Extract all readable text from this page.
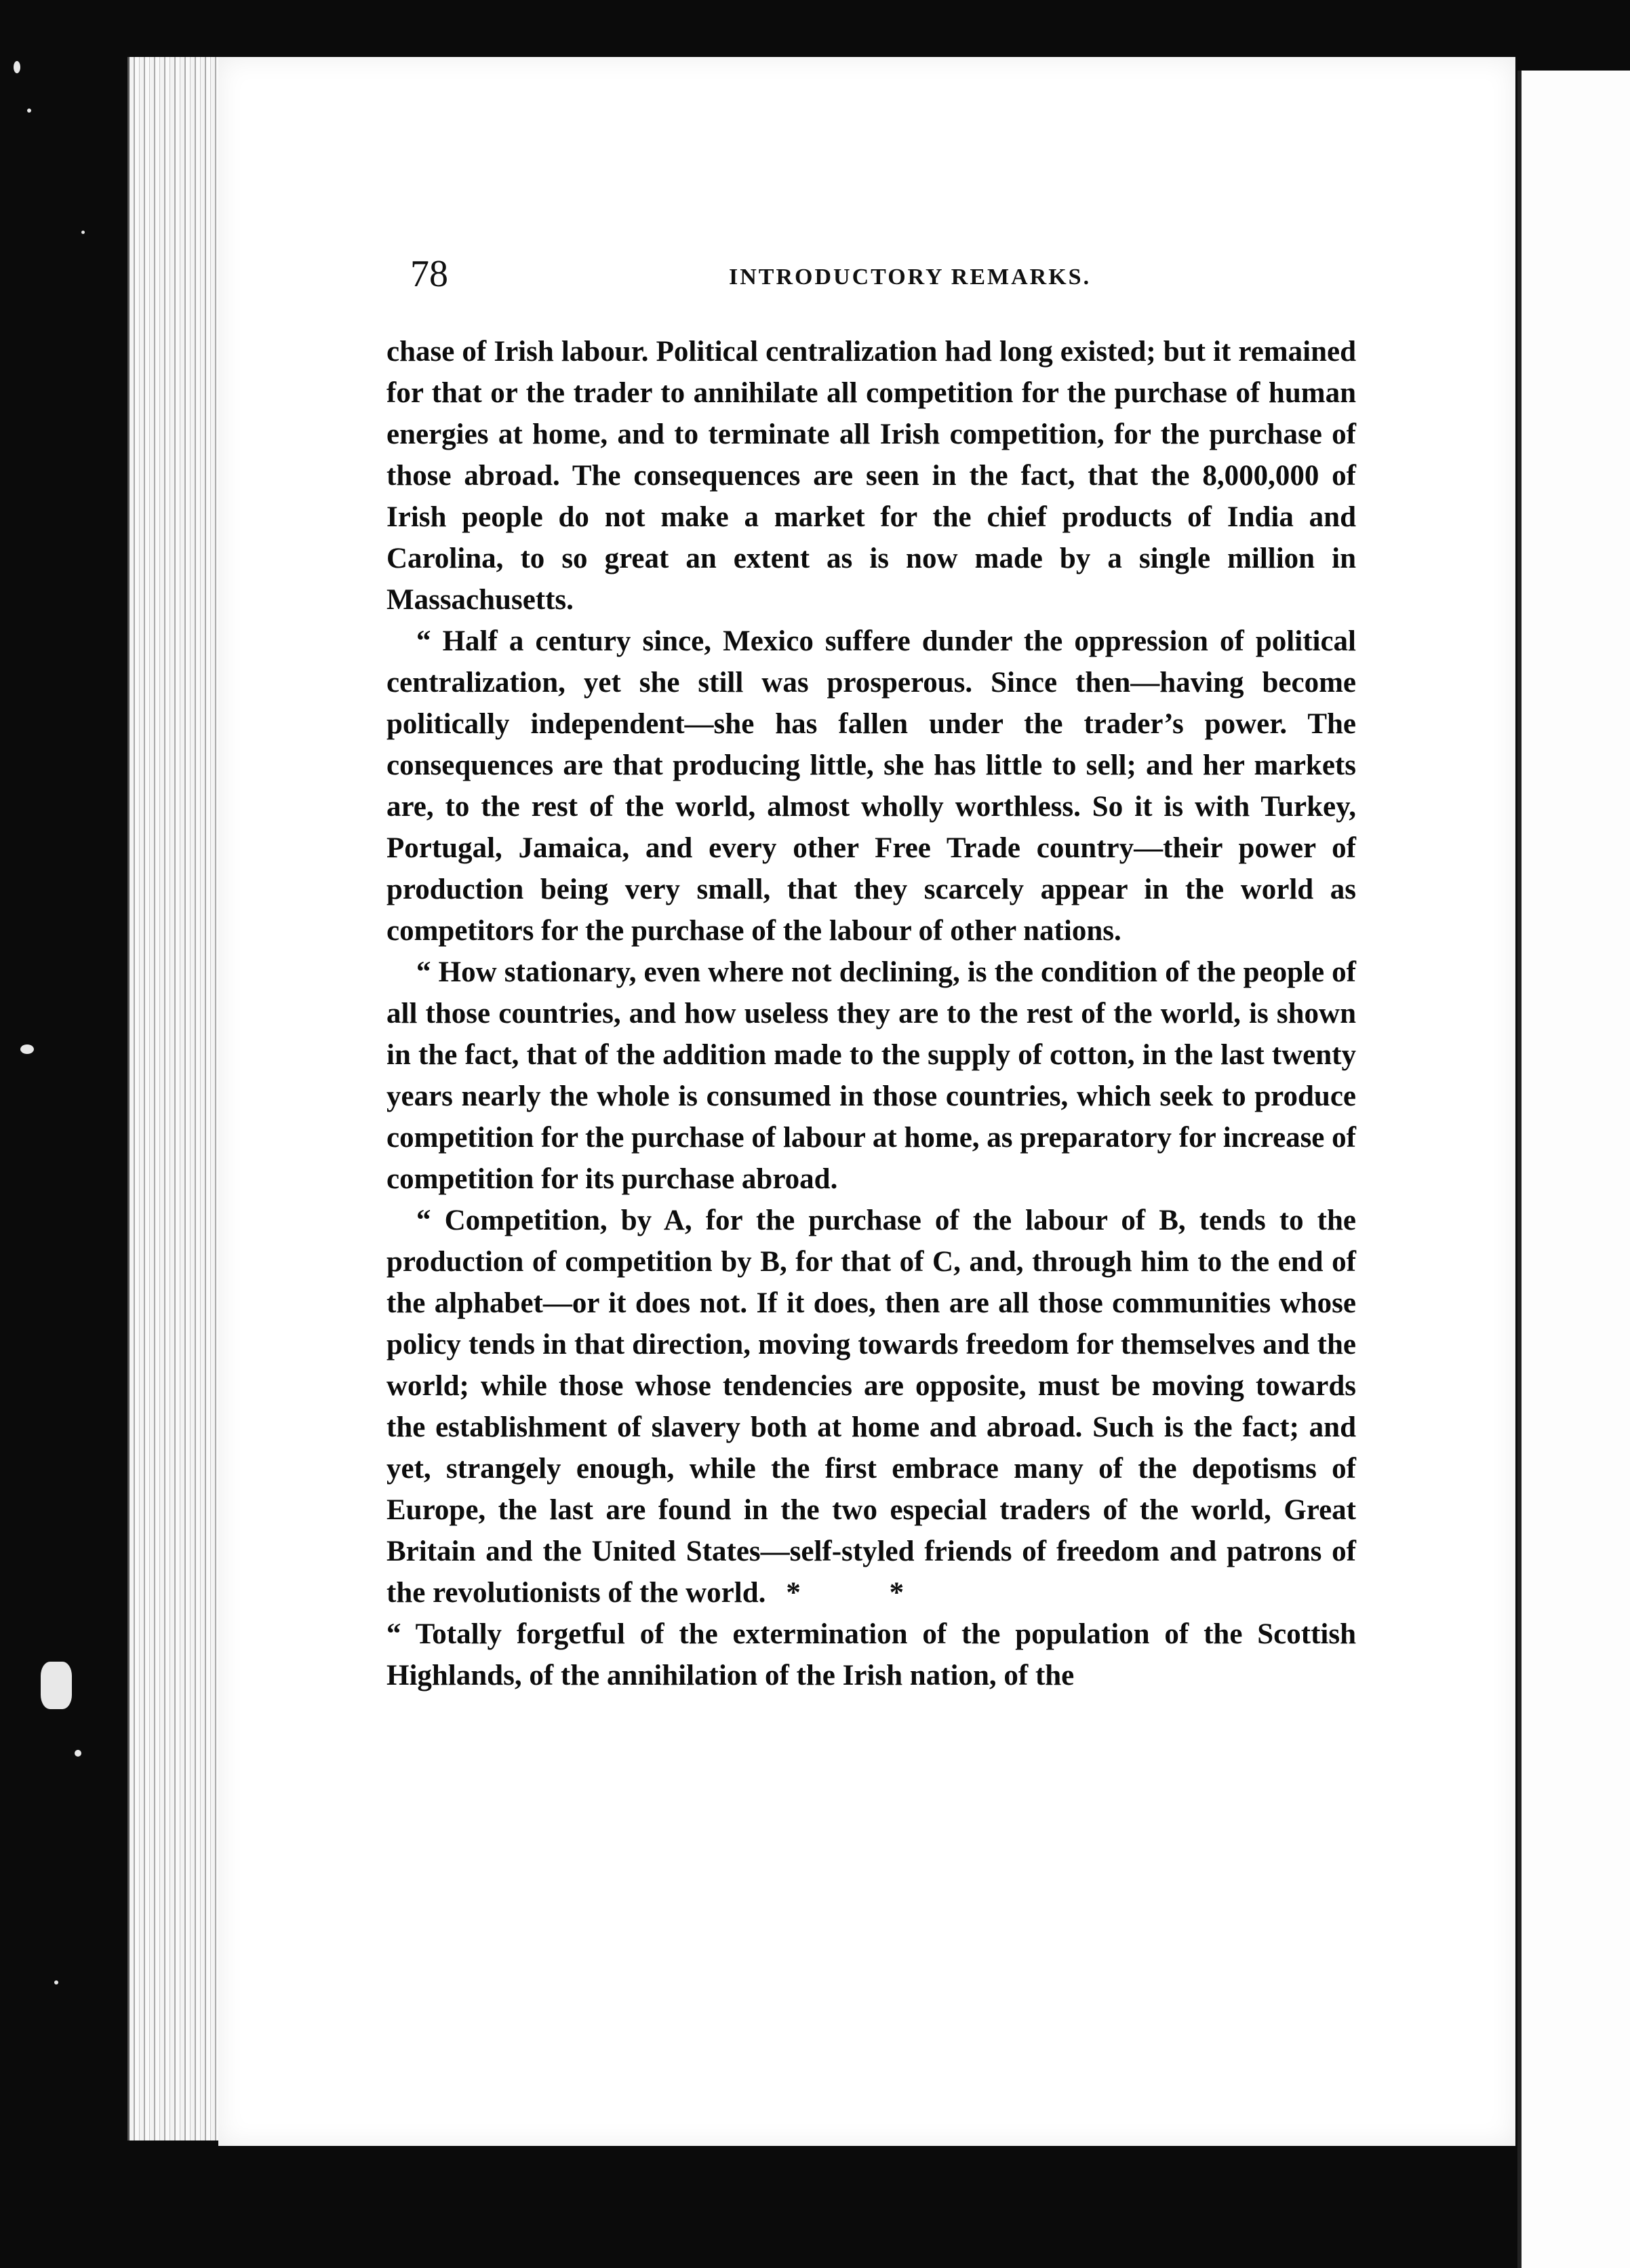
78	INTRODUCTORY REMARKS.

chase of Irish labour. Political centralization had long existed; but it remained for that or the trader to annihilate all competition for the purchase of human energies at home, and to terminate all Irish competition, for the purchase of those abroad. The consequences are seen in the fact, that the 8,000,000 of Irish people do not make a market for the chief products of India and Carolina, to so great an extent as is now made by a single million in Massachusetts.

“ Half a century since, Mexico suffere dunder the oppression of political centralization, yet she still was prosperous. Since then—having become politically independent—she has fallen under the trader’s power. The consequences are that producing little, she has little to sell; and her markets are, to the rest of the world, almost wholly worthless. So it is with Turkey, Portugal, Jamaica, and every other Free Trade country—their power of production being very small, that they scarcely appear in the world as competitors for the purchase of the labour of other nations.

“ How stationary, even where not declining, is the condition of the people of all those countries, and how useless they are to the rest of the world, is shown in the fact, that of the addition made to the supply of cotton, in the last twenty years nearly the whole is consumed in those countries, which seek to produce competition for the purchase of labour at home, as preparatory for increase of competition for its purchase abroad.

“ Competition, by A, for the purchase of the labour of B, tends to the production of competition by B, for that of C, and, through him to the end of the alphabet—or it does not. If it does, then are all those communities whose policy tends in that direction, moving towards freedom for themselves and the world; while those whose tendencies are opposite, must be moving towards the establishment of slavery both at home and abroad. Such is the fact; and yet, strangely enough, while the first embrace many of the depotisms of Europe, the last are found in the two especial traders of the world, Great Britain and the United States—self-styled friends of freedom and patrons of the revolutionists of the world. * *

“ Totally forgetful of the extermination of the population of the Scottish Highlands, of the annihilation of the Irish nation, of the
